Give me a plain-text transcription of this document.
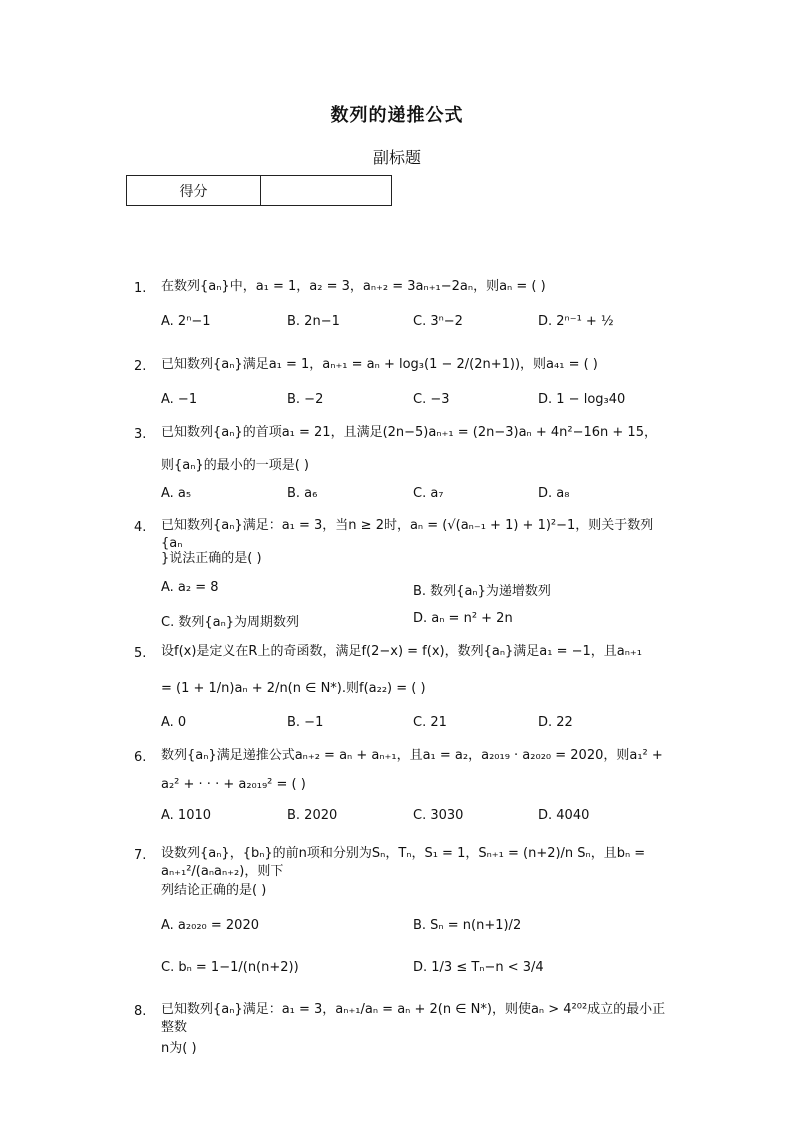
数列的递推公式
副标题
得分
1.	在数列{aₙ}中，a₁ = 1，a₂ = 3，aₙ₊₂ = 3aₙ₊₁−2aₙ，则aₙ = ( )
A. 2ⁿ−1	B. 2n−1	C. 3ⁿ−2	D. 2ⁿ⁻¹ + ½
2.	已知数列{aₙ}满足a₁ = 1，aₙ₊₁ = aₙ + log₃(1 − 2/(2n+1))，则a₄₁ = ( )
A. −1	B. −2	C. −3	D. 1 − log₃40
3.	已知数列{aₙ}的首项a₁ = 21，且满足(2n−5)aₙ₊₁ = (2n−3)aₙ + 4n²−16n + 15，
则{aₙ}的最小的一项是( )
A. a₅	B. a₆	C. a₇	D. a₈
4.	已知数列{aₙ}满足：a₁ = 3，当n ≥ 2时，aₙ = (√(aₙ₋₁ + 1) + 1)²−1，则关于数列{aₙ
}说法正确的是( )
A. a₂ = 8	B. 数列{aₙ}为递增数列
C. 数列{aₙ}为周期数列	D. aₙ = n² + 2n
5.	设f(x)是定义在R上的奇函数，满足f(2−x) = f(x)，数列{aₙ}满足a₁ = −1，且aₙ₊₁
= (1 + 1/n)aₙ + 2/n(n ∈ N*).则f(a₂₂) = ( )
A. 0	B. −1	C. 21	D. 22
6.	数列{aₙ}满足递推公式aₙ₊₂ = aₙ + aₙ₊₁，且a₁ = a₂，a₂₀₁₉ · a₂₀₂₀ = 2020，则a₁² +
a₂² + · · · + a₂₀₁₉² = ( )
A. 1010	B. 2020	C. 3030	D. 4040
7.	设数列{aₙ}，{bₙ}的前n项和分别为Sₙ，Tₙ，S₁ = 1，Sₙ₊₁ = (n+2)/n Sₙ，且bₙ = aₙ₊₁²/(aₙaₙ₊₂)，则下
列结论正确的是( )
A. a₂₀₂₀ = 2020	B. Sₙ = n(n+1)/2
C. bₙ = 1−1/(n(n+2))	D. 1/3 ≤ Tₙ−n < 3/4
8.	已知数列{aₙ}满足：a₁ = 3，aₙ₊₁/aₙ = aₙ + 2(n ∈ N*)，则使aₙ > 4²⁰²成立的最小正整数
n为( )
